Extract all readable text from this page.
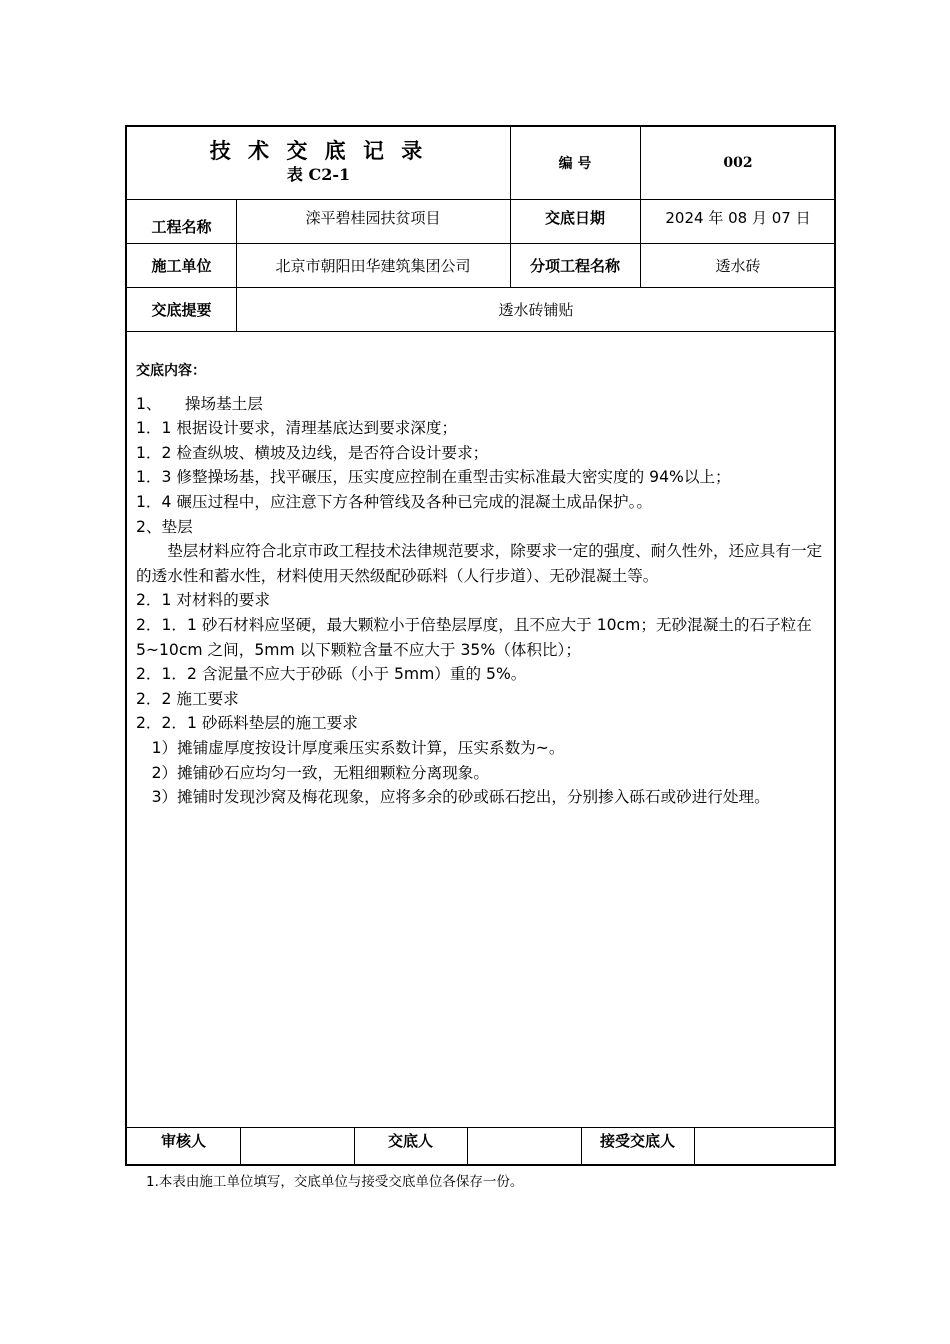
技 术 交 底 记 录
表 C2-1
编 号	002
工程名称	滦平碧桂园扶贫项目	交底日期	2024 年 08 月 07 日
施工单位	北京市朝阳田华建筑集团公司	分项工程名称	透水砖
交底提要	透水砖铺贴
交底内容：

1、　　操场基土层

1．1 根据设计要求，清理基底达到要求深度；

1．2 检查纵坡、横坡及边线，是否符合设计要求；

1．3 修整操场基，找平碾压，压实度应控制在重型击实标准最大密实度的 94%以上；

1．4 碾压过程中，应注意下方各种管线及各种已完成的混凝土成品保护。。

2、垫层

　　垫层材料应符合北京市政工程技术法律规范要求，除要求一定的强度、耐久性外，还应具有一定的透水性和蓄水性，材料使用天然级配砂砾料（人行步道）、无砂混凝土等。

2．1 对材料的要求

2．1．1 砂石材料应坚硬，最大颗粒小于倍垫层厚度，且不应大于 10cm；无砂混凝土的石子粒在 5~10cm 之间，5mm 以下颗粒含量不应大于 35%（体积比）；

2．1．2 含泥量不应大于砂砾（小于 5mm）重的 5%。

2．2 施工要求

2．2．1 砂砾料垫层的施工要求

　1）摊铺虚厚度按设计厚度乘压实系数计算，压实系数为~。

　2）摊铺砂石应均匀一致，无粗细颗粒分离现象。

　3）摊铺时发现沙窝及梅花现象，应将多余的砂或砾石挖出，分别掺入砾石或砂进行处理。

审核人	交底人	接受交底人
1.本表由施工单位填写，交底单位与接受交底单位各保存一份。
